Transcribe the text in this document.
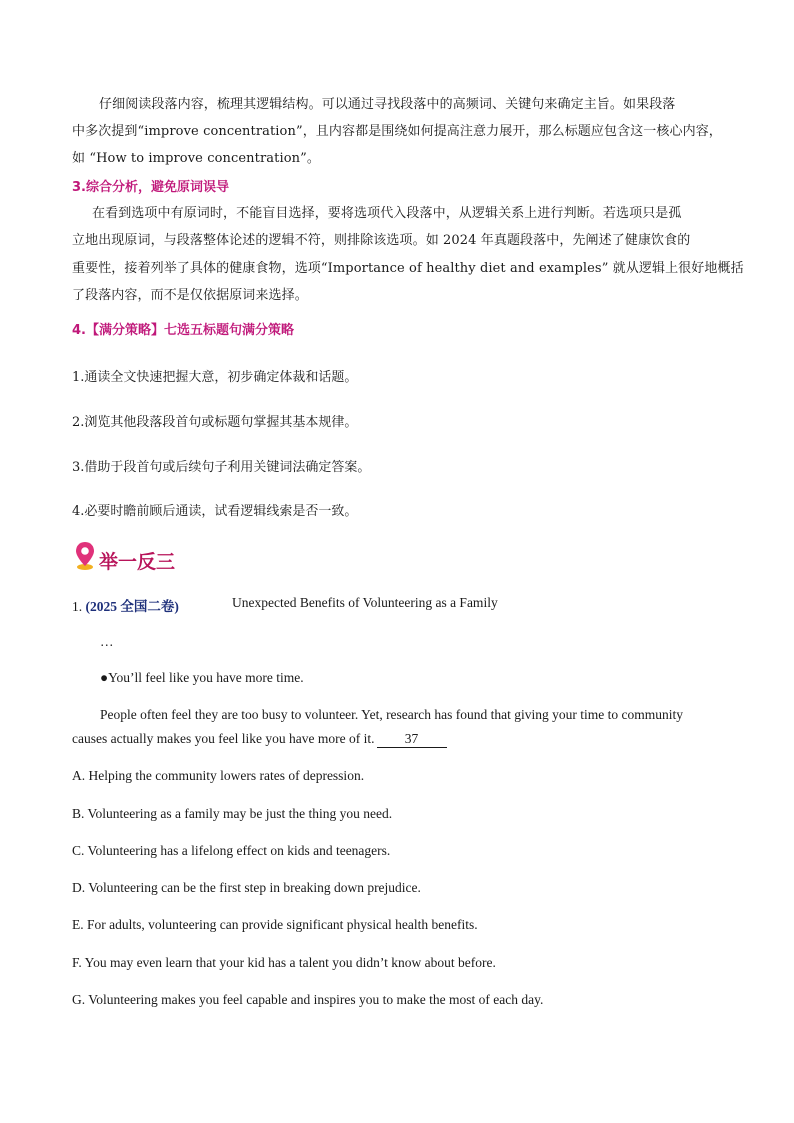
仔细阅读段落内容，梳理其逻辑结构。可以通过寻找段落中的高频词、关键句来确定主旨。如果段落
中多次提到“improve concentration”，且内容都是围绕如何提高注意力展开，那么标题应包含这一核心内容，
如 “How to improve concentration”。
3.综合分析，避免原词误导
在看到选项中有原词时，不能盲目选择，要将选项代入段落中，从逻辑关系上进行判断。若选项只是孤
立地出现原词，与段落整体论述的逻辑不符，则排除该选项。如 2024 年真题段落中，先阐述了健康饮食的
重要性，接着列举了具体的健康食物，选项“Importance of healthy diet and examples” 就从逻辑上很好地概括
了段落内容，而不是仅依据原词来选择。
4.【满分策略】七选五标题句满分策略
1.通读全文快速把握大意，初步确定体裁和话题。
2.浏览其他段落段首句或标题句掌握其基本规律。
3.借助于段首句或后续句子利用关键词法确定答案。
4.必要时瞻前顾后通读，试看逻辑线索是否一致。
举一反三
1. (2025 全国二卷)	Unexpected Benefits of Volunteering as a Family
…
●You’ll feel like you have more time.
People often feel they are too busy to volunteer. Yet, research has found that giving your time to community
causes actually makes you feel like you have more of it. 37
A. Helping the community lowers rates of depression.
B. Volunteering as a family may be just the thing you need.
C. Volunteering has a lifelong effect on kids and teenagers.
D. Volunteering can be the first step in breaking down prejudice.
E. For adults, volunteering can provide significant physical health benefits.
F. You may even learn that your kid has a talent you didn’t know about before.
G. Volunteering makes you feel capable and inspires you to make the most of each day.
